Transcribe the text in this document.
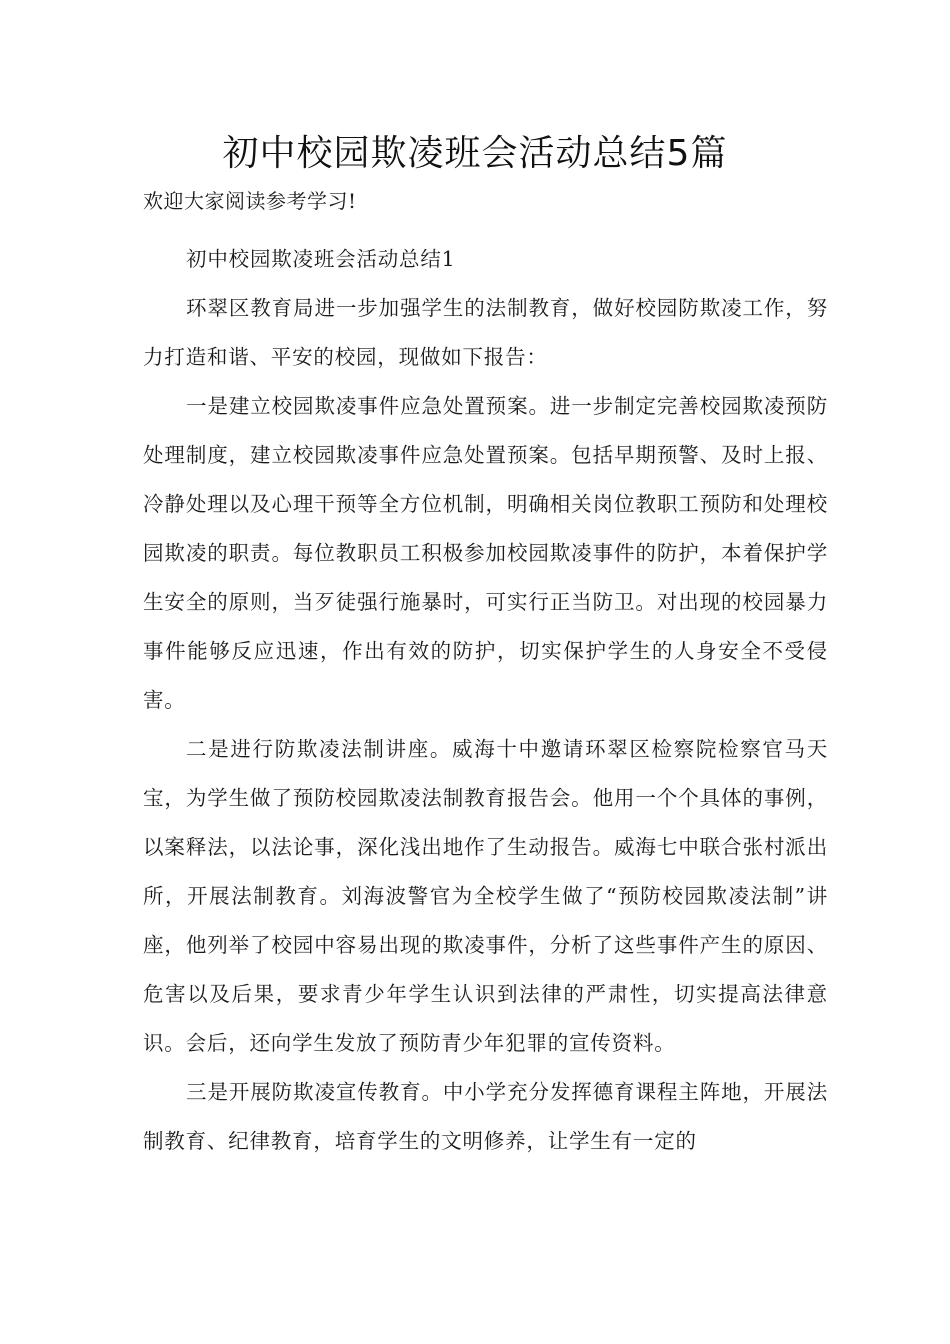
初中校园欺凌班会活动总结5篇
欢迎大家阅读参考学习!

初中校园欺凌班会活动总结1

环翠区教育局进一步加强学生的法制教育，做好校园防欺凌工作，努力打造和谐、平安的校园，现做如下报告：

一是建立校园欺凌事件应急处置预案。进一步制定完善校园欺凌预防处理制度，建立校园欺凌事件应急处置预案。包括早期预警、及时上报、冷静处理以及心理干预等全方位机制，明确相关岗位教职工预防和处理校园欺凌的职责。每位教职员工积极参加校园欺凌事件的防护，本着保护学生安全的原则，当歹徒强行施暴时，可实行正当防卫。对出现的校园暴力事件能够反应迅速，作出有效的防护，切实保护学生的人身安全不受侵害。

二是进行防欺凌法制讲座。威海十中邀请环翠区检察院检察官马天宝，为学生做了预防校园欺凌法制教育报告会。他用一个个具体的事例，以案释法，以法论事，深化浅出地作了生动报告。威海七中联合张村派出所，开展法制教育。刘海波警官为全校学生做了“预防校园欺凌法制”讲座，他列举了校园中容易出现的欺凌事件，分析了这些事件产生的原因、危害以及后果，要求青少年学生认识到法律的严肃性，切实提高法律意识。会后，还向学生发放了预防青少年犯罪的宣传资料。

三是开展防欺凌宣传教育。中小学充分发挥德育课程主阵地，开展法制教育、纪律教育，培育学生的文明修养，让学生有一定的
